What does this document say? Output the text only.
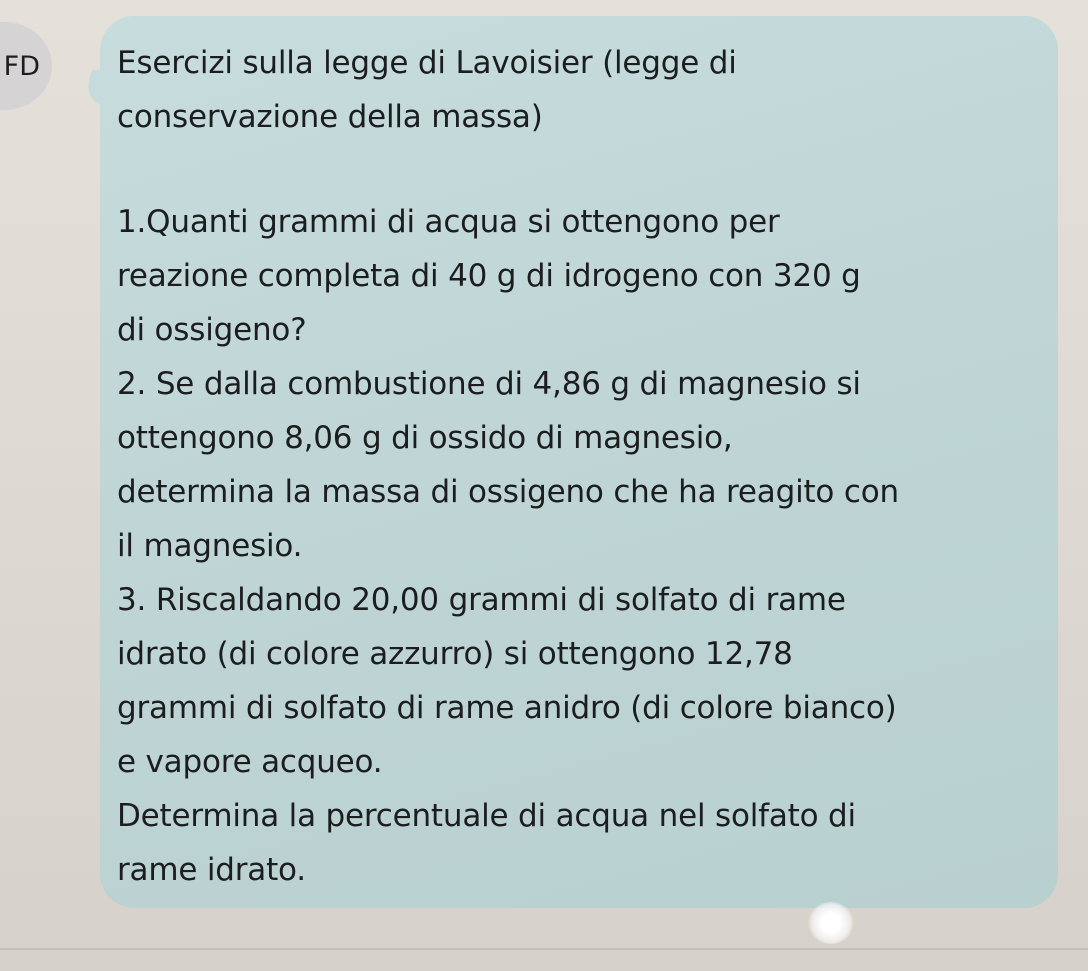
FD Esercizi sulla legge di Lavoisier (legge di

conservazione della massa)

1.Quanti grammi di acqua si ottengono per

reazione completa di 40 g di idrogeno con 320 g

di ossigeno?

2. Se dalla combustione di 4,86 g di magnesio si

ottengono 8,06 g di ossido di magnesio,

determina la massa di ossigeno che ha reagito con

il magnesio.

3. Riscaldando 20,00 grammi di solfato di rame

idrato (di colore azzurro) si ottengono 12,78

grammi di solfato di rame anidro (di colore bianco)

e vapore acqueo.

Determina la percentuale di acqua nel solfato di

rame idrato.
